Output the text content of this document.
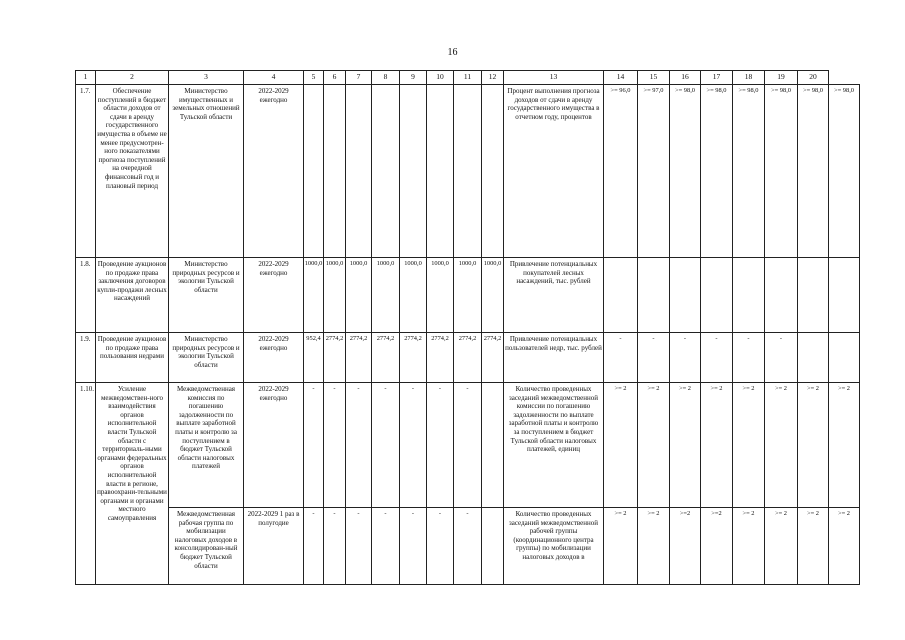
16
1	2	3	4	5	6	7	8	9	10	11	12	13	14	15	16	17	18	19	20	
1.7.	Обеспечение поступлений в бюджет области доходов от сдачи в аренду государственного имущества в объеме не менее предусмотрен-ного показателями прогноза поступлений на очередной финансовый год и плановый период	Министерство имущественных и земельных отношений Тульской области	2022-2029 ежегодно									Процент выполнения прогноза доходов от сдачи в аренду государственного имущества в отчетном году, процентов	>= 96,0	>= 97,0	>= 98,0	>= 98,0	>= 98,0	>= 98,0	>= 98,0	>= 98,0
1.8.	Проведение аукционов по продаже права заключения договоров купли-продажи лесных насаждений	Министерство природных ресурсов и экологии Тульской области	2022-2029 ежегодно	1000,0	1000,0	1000,0	1000,0	1000,0	1000,0	1000,0	1000,0	Привлечение потенциальных покупателей лесных насаждений, тыс. рублей								
1.9.	Проведение аукционов по продаже права пользования недрами	Министерство природных ресурсов и экологии Тульской области	2022-2029 ежегодно	952,4	2774,2	2774,2	2774,2	2774,2	2774,2	2774,2	2774,2	Привлечение потенциальных пользователей недр, тыс. рублей	-	-	-	-	-	-		
1.10.	Усиление межведомствен-ного взаимодействия органов исполнительной власти Тульской области с территориаль-ными органами федеральных органов исполнительной власти в регионе, правоохрани-тельными органами и органами местного самоуправления	Межведомственная комиссия по погашению задолженности по выплате заработной платы и контролю за поступлением в бюджет Тульской области налоговых платежей	2022-2029 ежегодно	-	-	-	-	-	-	-		Количество проведенных заседаний межведомственной комиссии по погашению задолженности по выплате заработной платы и контролю за поступлением в бюджет Тульской области налоговых платежей, единиц	>= 2	>= 2	>= 2	>= 2	>= 2	>= 2	>= 2	>= 2
		Межведомственная рабочая группа по мобилизации налоговых доходов в консолидирован-ный бюджет Тульской области	2022-2029 1 раз в полугодие	-	-	-	-	-	-	-		Количество проведенных заседаний межведомственной рабочей группы (координационного центра группы) по мобилизации налоговых доходов в	>= 2	>= 2	>=2	>=2	>= 2	>= 2	>= 2	>= 2
